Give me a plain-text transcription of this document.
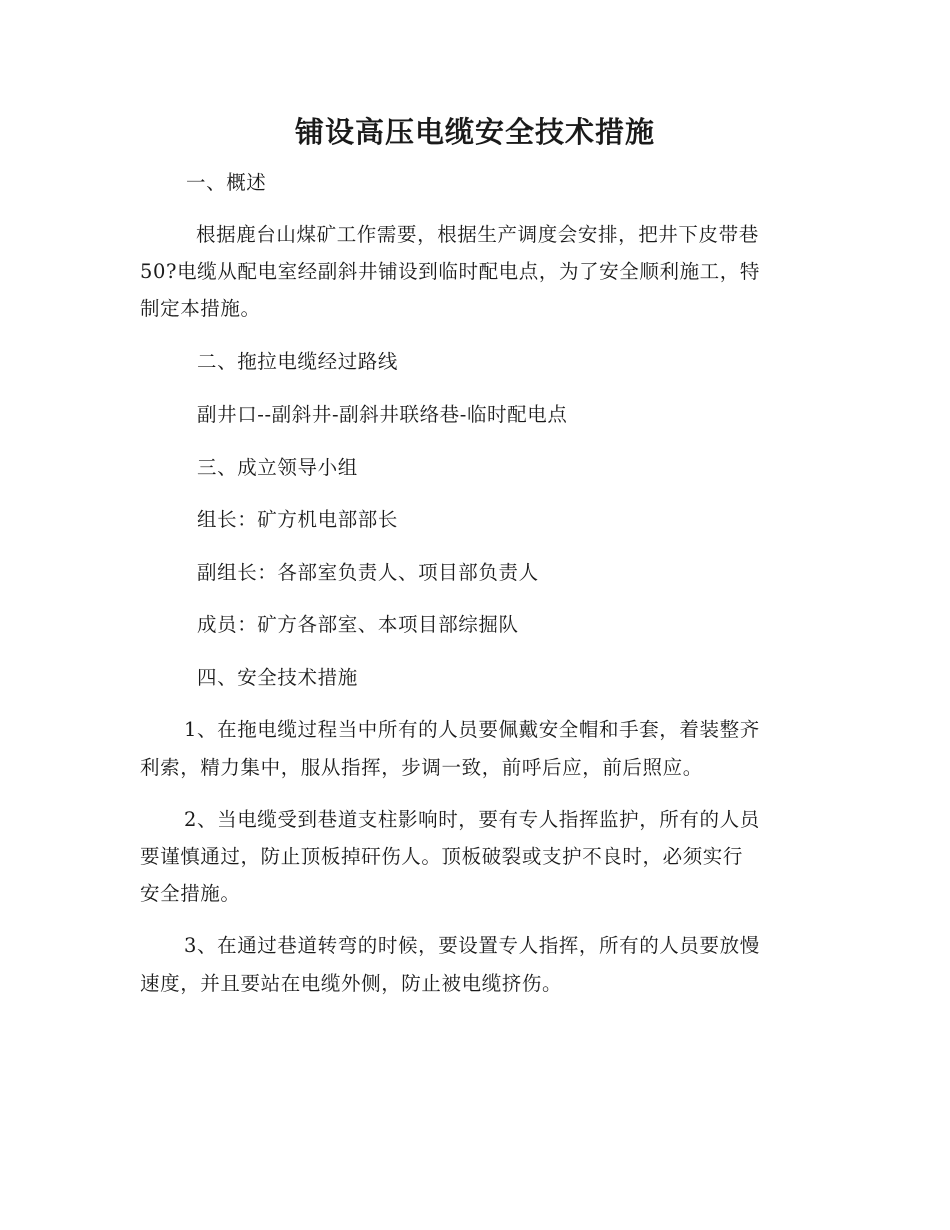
铺设高压电缆安全技术措施
一、概述
根据鹿台山煤矿工作需要，根据生产调度会安排，把井下皮带巷
50?电缆从配电室经副斜井铺设到临时配电点，为了安全顺利施工，特
制定本措施。
二、拖拉电缆经过路线
副井口--副斜井-副斜井联络巷-临时配电点
三、成立领导小组
组长：矿方机电部部长
副组长：各部室负责人、项目部负责人
成员：矿方各部室、本项目部综掘队
四、安全技术措施
1、在拖电缆过程当中所有的人员要佩戴安全帽和手套，着装整齐
利索，精力集中，服从指挥，步调一致，前呼后应，前后照应。
2、当电缆受到巷道支柱影响时，要有专人指挥监护，所有的人员
要谨慎通过，防止顶板掉矸伤人。顶板破裂或支护不良时，必须实行
安全措施。
3、在通过巷道转弯的时候，要设置专人指挥，所有的人员要放慢
速度，并且要站在电缆外侧，防止被电缆挤伤。
